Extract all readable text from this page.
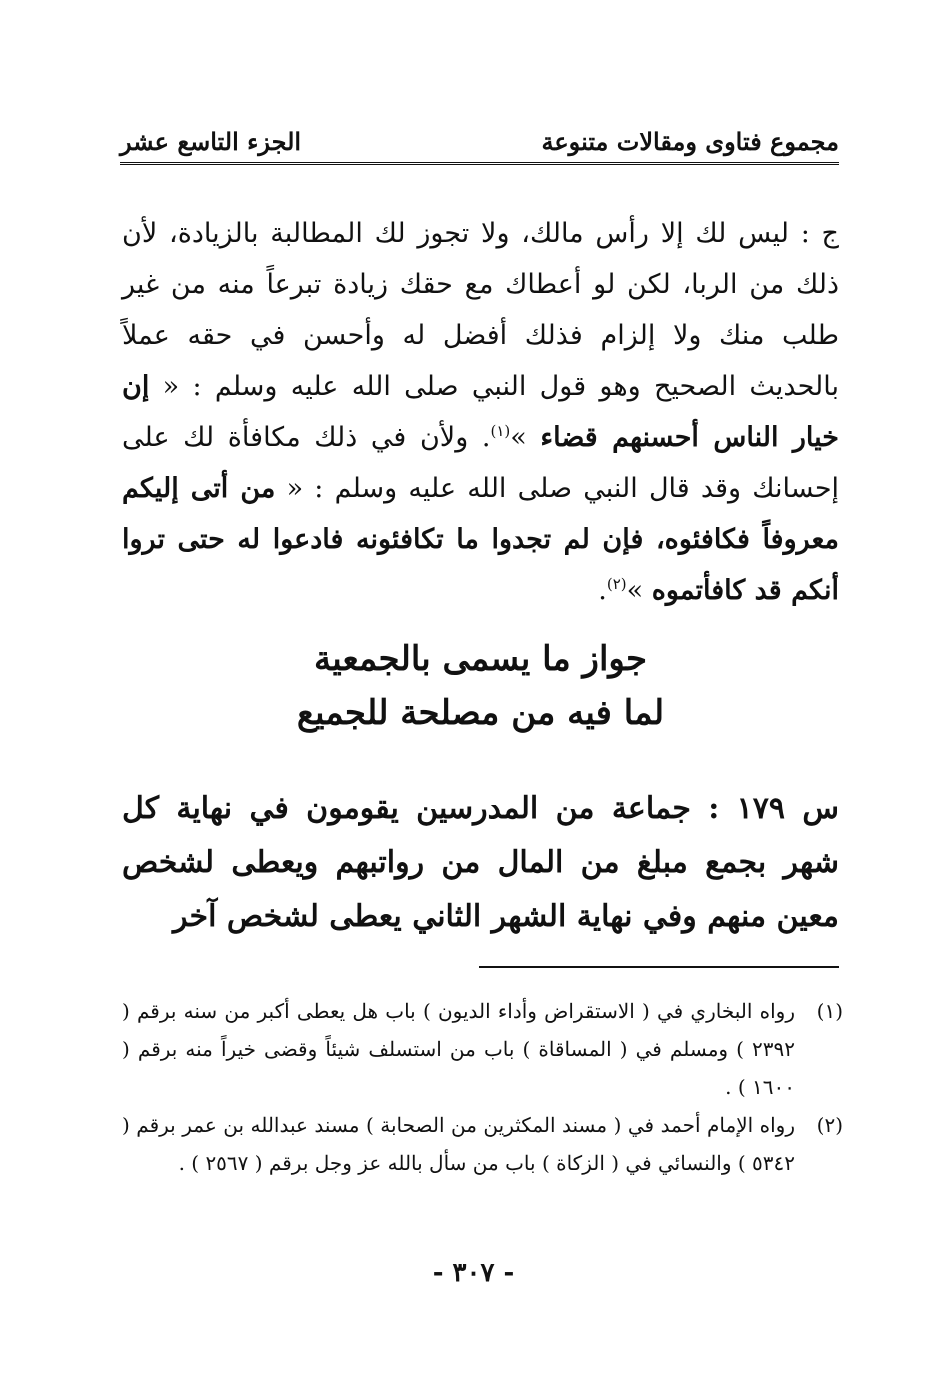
مجموع فتاوى ومقالات متنوعة
الجزء التاسع عشر

ج : ليس لك إلا رأس مالك، ولا تجوز لك المطالبة بالزيادة، لأن ذلك من الربا، لكن لو أعطاك مع حقك زيادة تبرعاً منه من غير طلب منك ولا إلزام فذلك أفضل له وأحسن في حقه عملاً بالحديث الصحيح وهو قول النبي صلى الله عليه وسلم : « إن خيار الناس أحسنهم قضاء »$^{(١)}$. ولأن في ذلك مكافأة لك على إحسانك وقد قال النبي صلى الله عليه وسلم : « من أتى إليكم معروفاً فكافئوه، فإن لم تجدوا ما تكافئونه فادعوا له حتى تروا أنكم قد كافأتموه »$^{(٢)}$.

جواز ما يسمى بالجمعية
لما فيه من مصلحة للجميع

س ١٧٩ : جماعة من المدرسين يقومون في نهاية كل شهر بجمع مبلغ من المال من رواتبهم ويعطى لشخص معين منهم وفي نهاية الشهر الثاني يعطى لشخص آخر

(١)
رواه البخاري في ( الاستقراض وأداء الديون ) باب هل يعطى أكبر من سنه برقم ( ٢٣٩٢ ) ومسلم في ( المساقاة ) باب من استسلف شيئاً وقضى خيراً منه برقم ( ١٦٠٠ ) .
(٢)
رواه الإمام أحمد في ( مسند المكثرين من الصحابة ) مسند عبدالله بن عمر برقم ( ٥٣٤٢ ) والنسائي في ( الزكاة ) باب من سأل بالله عز وجل برقم ( ٢٥٦٧ ) .
- ٣٠٧ -
